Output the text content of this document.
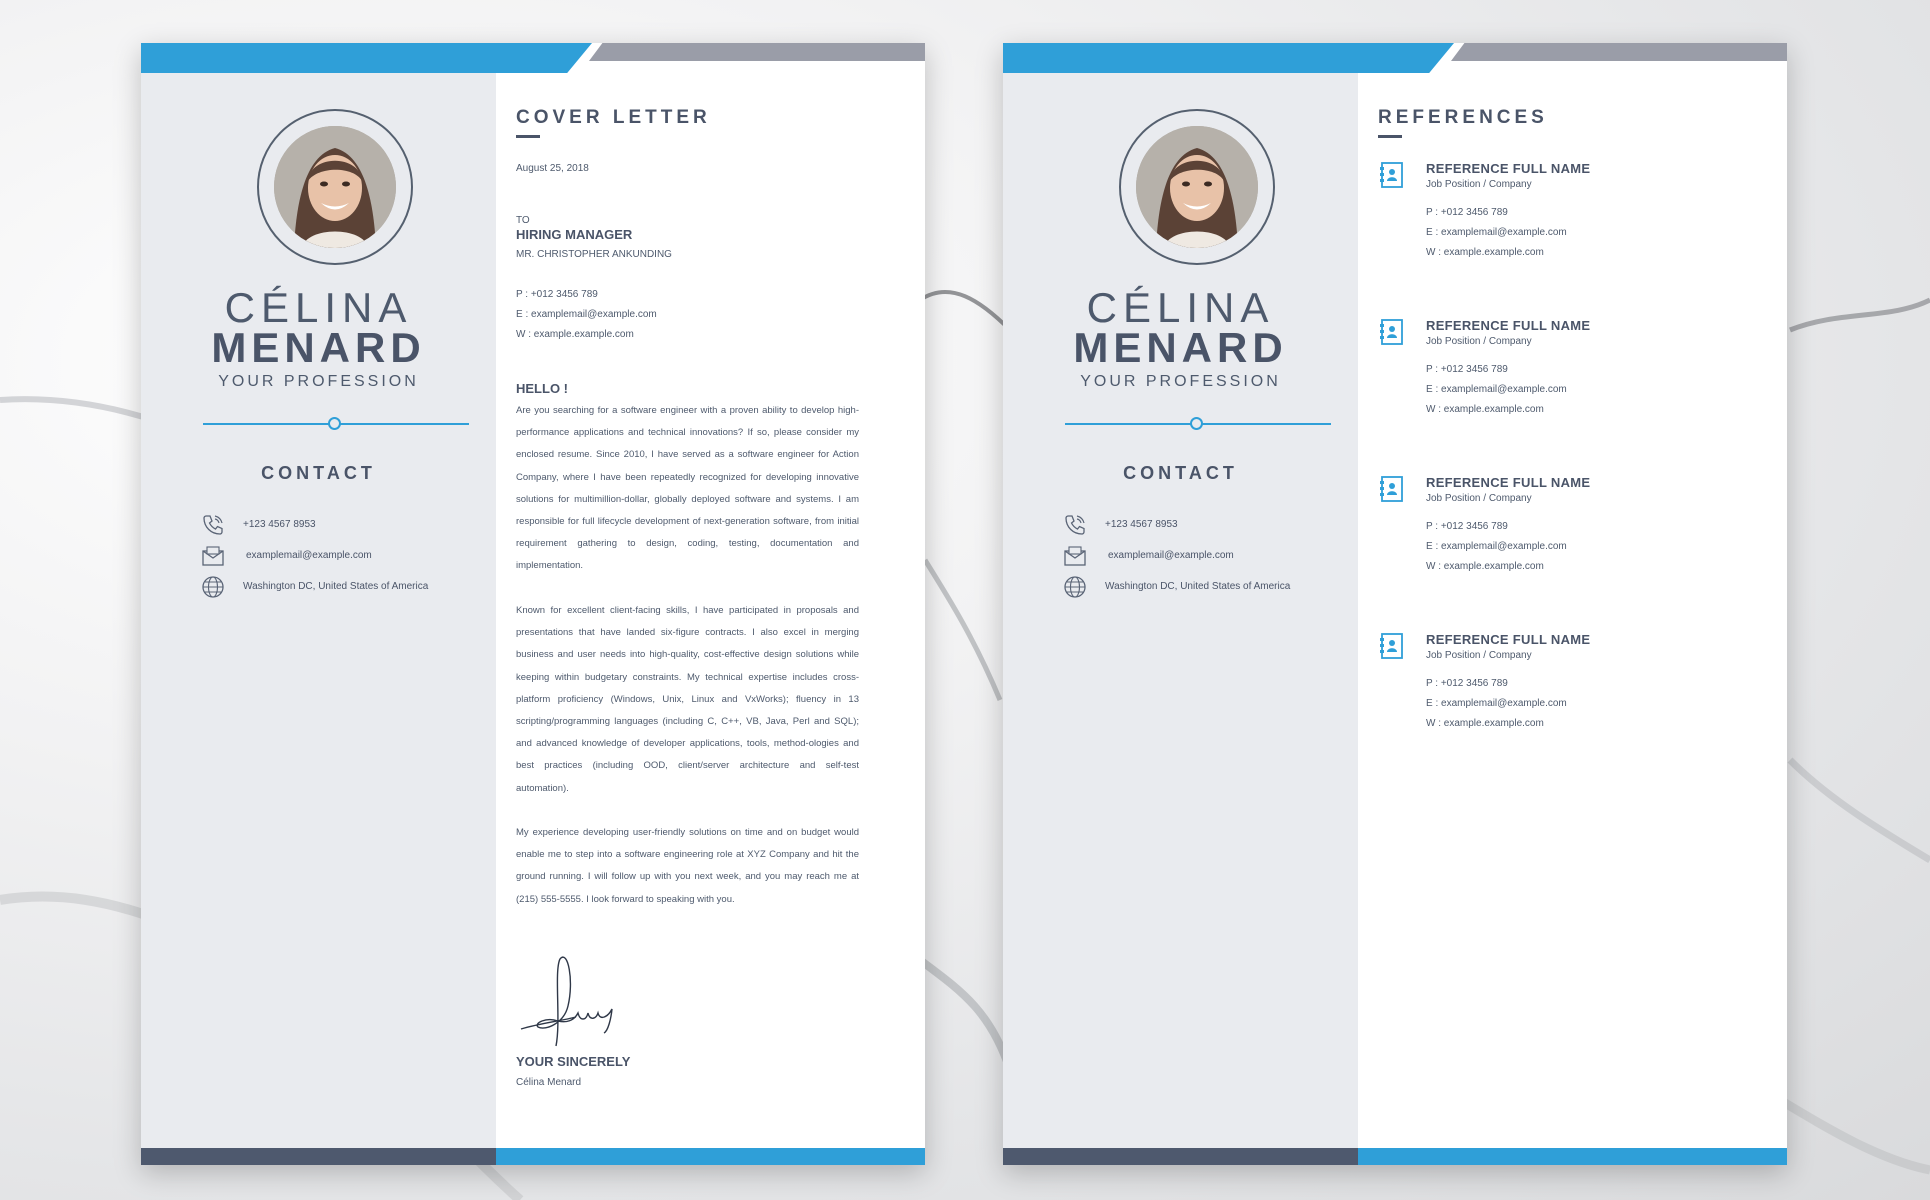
CÉLINA
MENARD
YOUR PROFESSION
CONTACT
+123 4567 8953
examplemail@example.com
Washington DC, United States of America
COVER LETTER
August 25, 2018
TO
HIRING MANAGER
MR. CHRISTOPHER ANKUNDING
P : +012 3456 789
E : examplemail@example.com
W : example.example.com
HELLO !
Are you searching for a software engineer with a proven ability to develop high-performance applications and technical innovations? If so, please consider my enclosed resume. Since 2010, I have served as a software engineer for Action Company, where I have been repeatedly recognized for developing innovative solutions for multimillion-dollar, globally deployed software and systems. I am responsible for full lifecycle development of next-generation software, from initial requirement gathering to design, coding, testing, documentation and implementation.
Known for excellent client-facing skills, I have participated in proposals and presentations that have landed six-figure contracts. I also excel in merging business and user needs into high-quality, cost-effective design solutions while keeping within budgetary constraints. My technical expertise includes cross-platform proficiency (Windows, Unix, Linux and VxWorks); fluency in 13 scripting/programming languages (including C, C++, VB, Java, Perl and SQL); and advanced knowledge of developer applications, tools, method-ologies and best practices (including OOD, client/server architecture and self-test automation).
My experience developing user-friendly solutions on time and on budget would enable me to step into a software engineering role at XYZ Company and hit the ground running. I will follow up with you next week, and you may reach me at (215) 555-5555. I look forward to speaking with you.
YOUR SINCERELY
Célina Menard
CÉLINA
MENARD
YOUR PROFESSION
CONTACT
+123 4567 8953
examplemail@example.com
Washington DC, United States of America
REFERENCES
REFERENCE FULL NAME
Job Position / Company
P : +012 3456 789
E : examplemail@example.com
W : example.example.com
REFERENCE FULL NAME
Job Position / Company
P : +012 3456 789
E : examplemail@example.com
W : example.example.com
REFERENCE FULL NAME
Job Position / Company
P : +012 3456 789
E : examplemail@example.com
W : example.example.com
REFERENCE FULL NAME
Job Position / Company
P : +012 3456 789
E : examplemail@example.com
W : example.example.com
